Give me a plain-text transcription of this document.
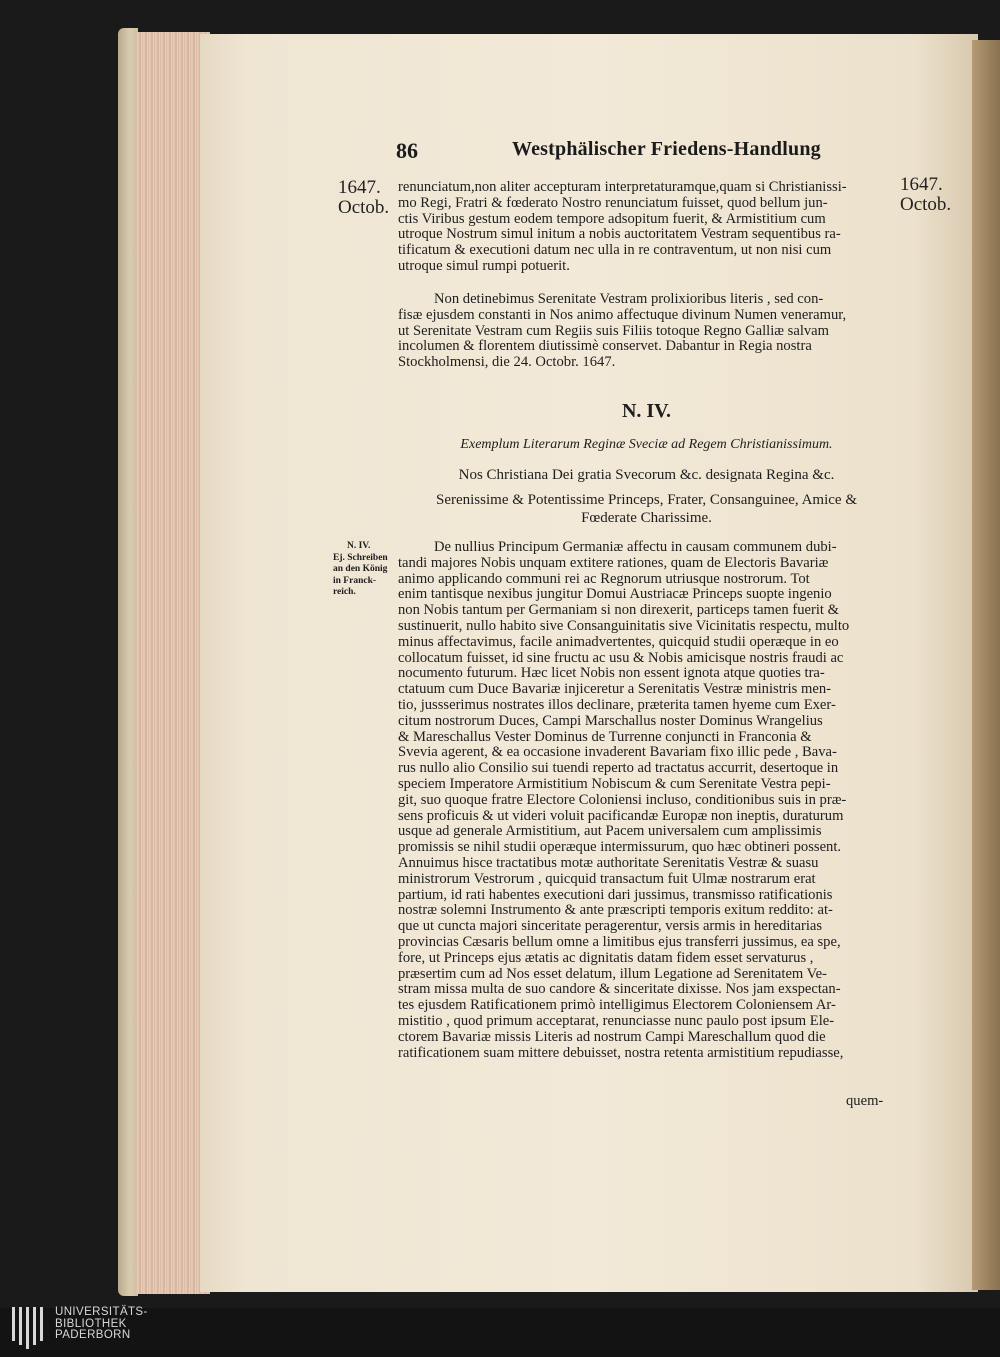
86	Westphälischer Friedens-Handlung
1647.
Octob.
1647.
Octob.
renunciatum,non aliter accepturam interpretaturamque,quam si Christianissi-
mo Regi, Fratri & fœderato Nostro renunciatum fuisset, quod bellum jun-
ctis Viribus gestum eodem tempore adsopitum fuerit, & Armistitium cum
utroque Nostrum simul initum a nobis auctoritatem Vestram sequentibus ra-
tificatum & executioni datum nec ulla in re contraventum, ut non nisi cum
utroque simul rumpi potuerit.
Non detinebimus Serenitate Vestram prolixioribus literis , sed con-
fisæ ejusdem constanti in Nos animo affectuque divinum Numen veneramur,
ut Serenitate Vestram cum Regiis suis Filiis totoque Regno Galliæ salvam
incolumen & florentem diutissimè conservet. Dabantur in Regia nostra
Stockholmensi, die 24. Octobr. 1647.
N. IV.
Exemplum Literarum Reginæ Sveciæ ad Regem Christianissimum.
Nos Christiana Dei gratia Svecorum &c. designata Regina &c.
Serenissime & Potentissime Princeps, Frater, Consanguinee, Amice &
Fœderate Charissime.
N. IV.
Ej. Schreiben
an den König
in Franck-
reich.
De nullius Principum Germaniæ affectu in causam communem dubi-
tandi majores Nobis unquam extitere rationes, quam de Electoris Bavariæ
animo applicando communi rei ac Regnorum utriusque nostrorum. Tot
enim tantisque nexibus jungitur Domui Austriacæ Princeps suopte ingenio
non Nobis tantum per Germaniam si non direxerit, particeps tamen fuerit &
sustinuerit, nullo habito sive Consanguinitatis sive Vicinitatis respectu, multo
minus affectavimus, facile animadvertentes, quicquid studii operæque in eo
collocatum fuisset, id sine fructu ac usu & Nobis amicisque nostris fraudi ac
nocumento futurum. Hæc licet Nobis non essent ignota atque quoties tra-
ctatuum cum Duce Bavariæ injiceretur a Serenitatis Vestræ ministris men-
tio, jussserimus nostrates illos declinare, præterita tamen hyeme cum Exer-
citum nostrorum Duces, Campi Marschallus noster Dominus Wrangelius
& Mareschallus Vester Dominus de Turrenne conjuncti in Franconia &
Svevia agerent, & ea occasione invaderent Bavariam fixo illic pede , Bava-
rus nullo alio Consilio sui tuendi reperto ad tractatus accurrit, desertoque in
speciem Imperatore Armistitium Nobiscum & cum Serenitate Vestra pepi-
git, suo quoque fratre Electore Coloniensi incluso, conditionibus suis in præ-
sens proficuis & ut videri voluit pacificandæ Europæ non ineptis, duraturum
usque ad generale Armistitium, aut Pacem universalem cum amplissimis
promissis se nihil studii operæque intermissurum, quo hæc obtineri possent.
Annuimus hisce tractatibus motæ authoritate Serenitatis Vestræ & suasu
ministrorum Vestrorum , quicquid transactum fuit Ulmæ nostrarum erat
partium, id rati habentes executioni dari jussimus, transmisso ratificationis
nostræ solemni Instrumento & ante præscripti temporis exitum reddito: at-
que ut cuncta majori sinceritate peragerentur, versis armis in hereditarias
provincias Cæsaris bellum omne a limitibus ejus transferri jussimus, ea spe,
fore, ut Princeps ejus ætatis ac dignitatis datam fidem esset servaturus ,
præsertim cum ad Nos esset delatum, illum Legatione ad Serenitatem Ve-
stram missa multa de suo candore & sinceritate dixisse. Nos jam exspectan-
tes ejusdem Ratificationem primò intelligimus Electorem Coloniensem Ar-
mistitio , quod primum acceptarat, renunciasse nunc paulo post ipsum Ele-
ctorem Bavariæ missis Literis ad nostrum Campi Mareschallum quod die
ratificationem suam mittere debuisset, nostra retenta armistitium repudiasse,
quem-
UNIVERSITÄTS-
BIBLIOTHEK
PADERBORN
